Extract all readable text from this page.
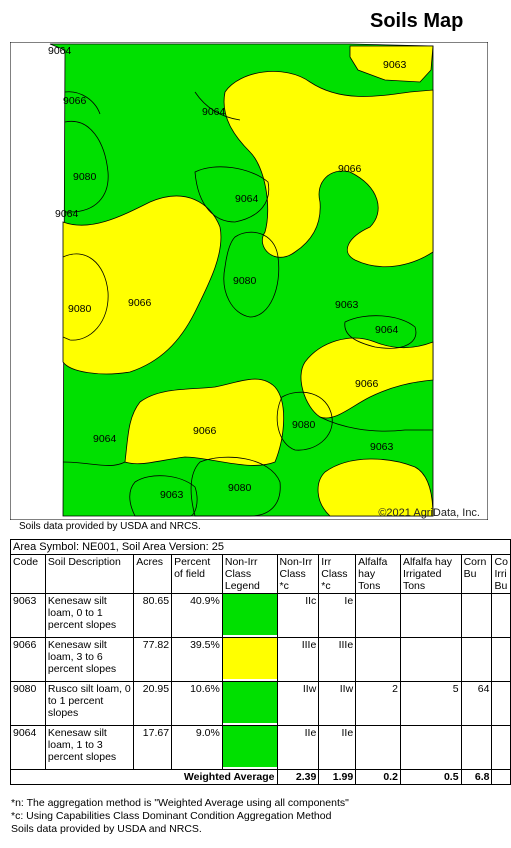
Soils Map
9064
9066
9064
9063
9080
9066
9064
9064
9080
9080
9066	9063
9064
9066
9064
9066	9080
9063
9063
9080
©2021 AgriData, Inc.
Soils data provided by USDA and NRCS.
Area Symbol: NE001, Soil Area Version: 25										
Code	Soil Description	Acres	Percent of field	Non-Irr Class Legend	Non-Irr Class *c	Irr Class *c	Alfalfa hay Tons	Alfalfa hay Irrigated Tons	Corn Bu	Co Irri Bu
9063	Kenesaw silt loam, 0 to 1 percent slopes	80.65	40.9%		IIc	Ie				
9066	Kenesaw silt loam, 3 to 6 percent slopes	77.82	39.5%		IIIe	IIIe				
9080	Rusco silt loam, 0 to 1 percent slopes	20.95	10.6%		IIw	IIw	2	5	64	
9064	Kenesaw silt loam, 1 to 3 percent slopes	17.67	9.0%		IIe	IIe				
Weighted Average					2.39	1.99	0.2	0.5	6.8	
*n: The aggregation method is "Weighted Average using all components"
*c: Using Capabilities Class Dominant Condition Aggregation Method
Soils data provided by USDA and NRCS.
